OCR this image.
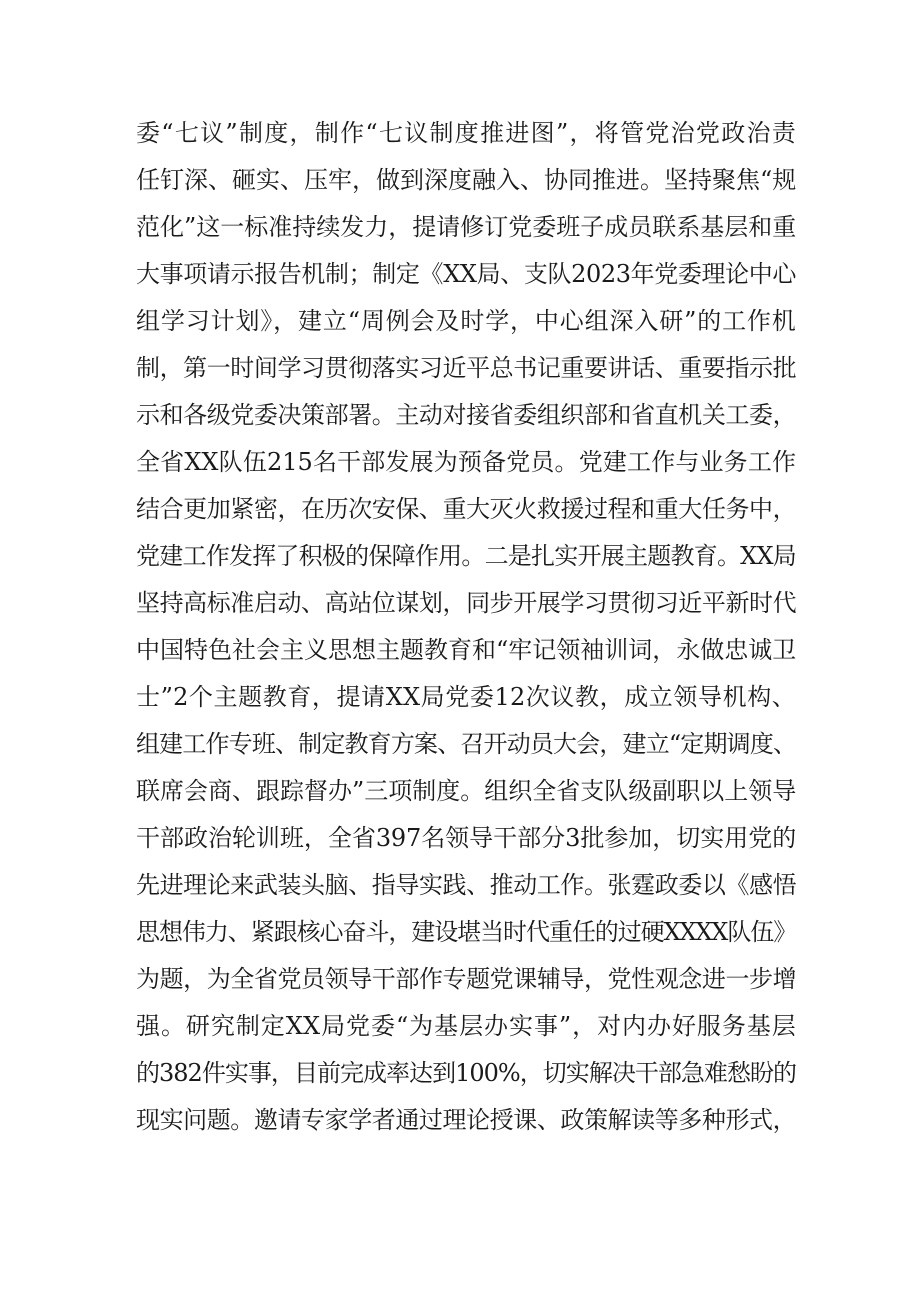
委“七议”制度，制作“七议制度推进图”，将管党治党政治责
任钉深、砸实、压牢，做到深度融入、协同推进。坚持聚焦“规
范化”这一标准持续发力，提请修订党委班子成员联系基层和重
大事项请示报告机制；制定《XX局、支队2023年党委理论中心
组学习计划》，建立“周例会及时学，中心组深入研”的工作机
制，第一时间学习贯彻落实习近平总书记重要讲话、重要指示批
示和各级党委决策部署。主动对接省委组织部和省直机关工委，
全省XX队伍215名干部发展为预备党员。党建工作与业务工作
结合更加紧密，在历次安保、重大灭火救援过程和重大任务中，
党建工作发挥了积极的保障作用。二是扎实开展主题教育。XX局
坚持高标准启动、高站位谋划，同步开展学习贯彻习近平新时代
中国特色社会主义思想主题教育和“牢记领袖训词，永做忠诚卫
士”2个主题教育，提请XX局党委12次议教，成立领导机构、
组建工作专班、制定教育方案、召开动员大会，建立“定期调度、
联席会商、跟踪督办”三项制度。组织全省支队级副职以上领导
干部政治轮训班，全省397名领导干部分3批参加，切实用党的
先进理论来武装头脑、指导实践、推动工作。张霆政委以《感悟
思想伟力、紧跟核心奋斗，建设堪当时代重任的过硬XXXX队伍》
为题，为全省党员领导干部作专题党课辅导，党性观念进一步增
强。研究制定XX局党委“为基层办实事”，对内办好服务基层
的382件实事，目前完成率达到100%，切实解决干部急难愁盼的
现实问题。邀请专家学者通过理论授课、政策解读等多种形式，
